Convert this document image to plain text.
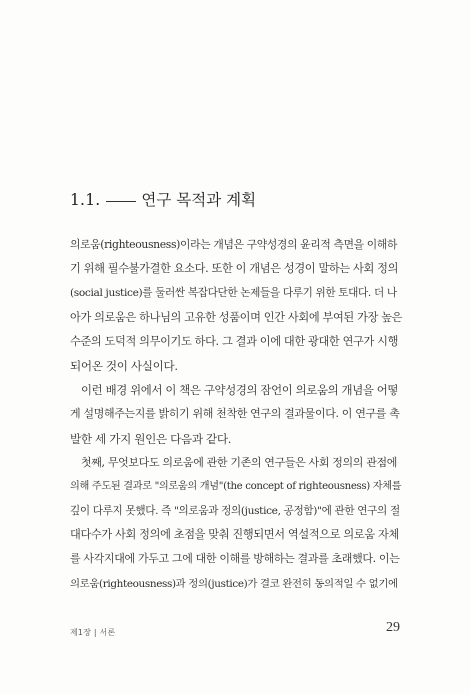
1.1.	연구 목적과 계획
의로움(righteousness)이라는 개념은 구약성경의 윤리적 측면을 이해하
기 위해 필수불가결한 요소다. 또한 이 개념은 성경이 말하는 사회 정의
(social justice)를 둘러싼 복잡다단한 논제들을 다루기 위한 토대다. 더 나
아가 의로움은 하나님의 고유한 성품이며 인간 사회에 부여된 가장 높은
수준의 도덕적 의무이기도 하다. 그 결과 이에 대한 광대한 연구가 시행
되어온 것이 사실이다.
이런 배경 위에서 이 책은 구약성경의 잠언이 의로움의 개념을 어떻
게 설명해주는지를 밝히기 위해 천착한 연구의 결과물이다. 이 연구를 촉
발한 세 가지 원인은 다음과 같다.
첫째, 무엇보다도 의로움에 관한 기존의 연구들은 사회 정의의 관점에
의해 주도된 결과로 "의로움의 개념"(the concept of righteousness) 자체를
깊이 다루지 못했다. 즉 "의로움과 정의(justice, 공정함)"에 관한 연구의 절
대다수가 사회 정의에 초점을 맞춰 진행되면서 역설적으로 의로움 자체
를 사각지대에 가두고 그에 대한 이해를 방해하는 결과를 초래했다. 이는
의로움(righteousness)과 정의(justice)가 결코 완전히 동의적일 수 없기에
제1장 | 서론	29
